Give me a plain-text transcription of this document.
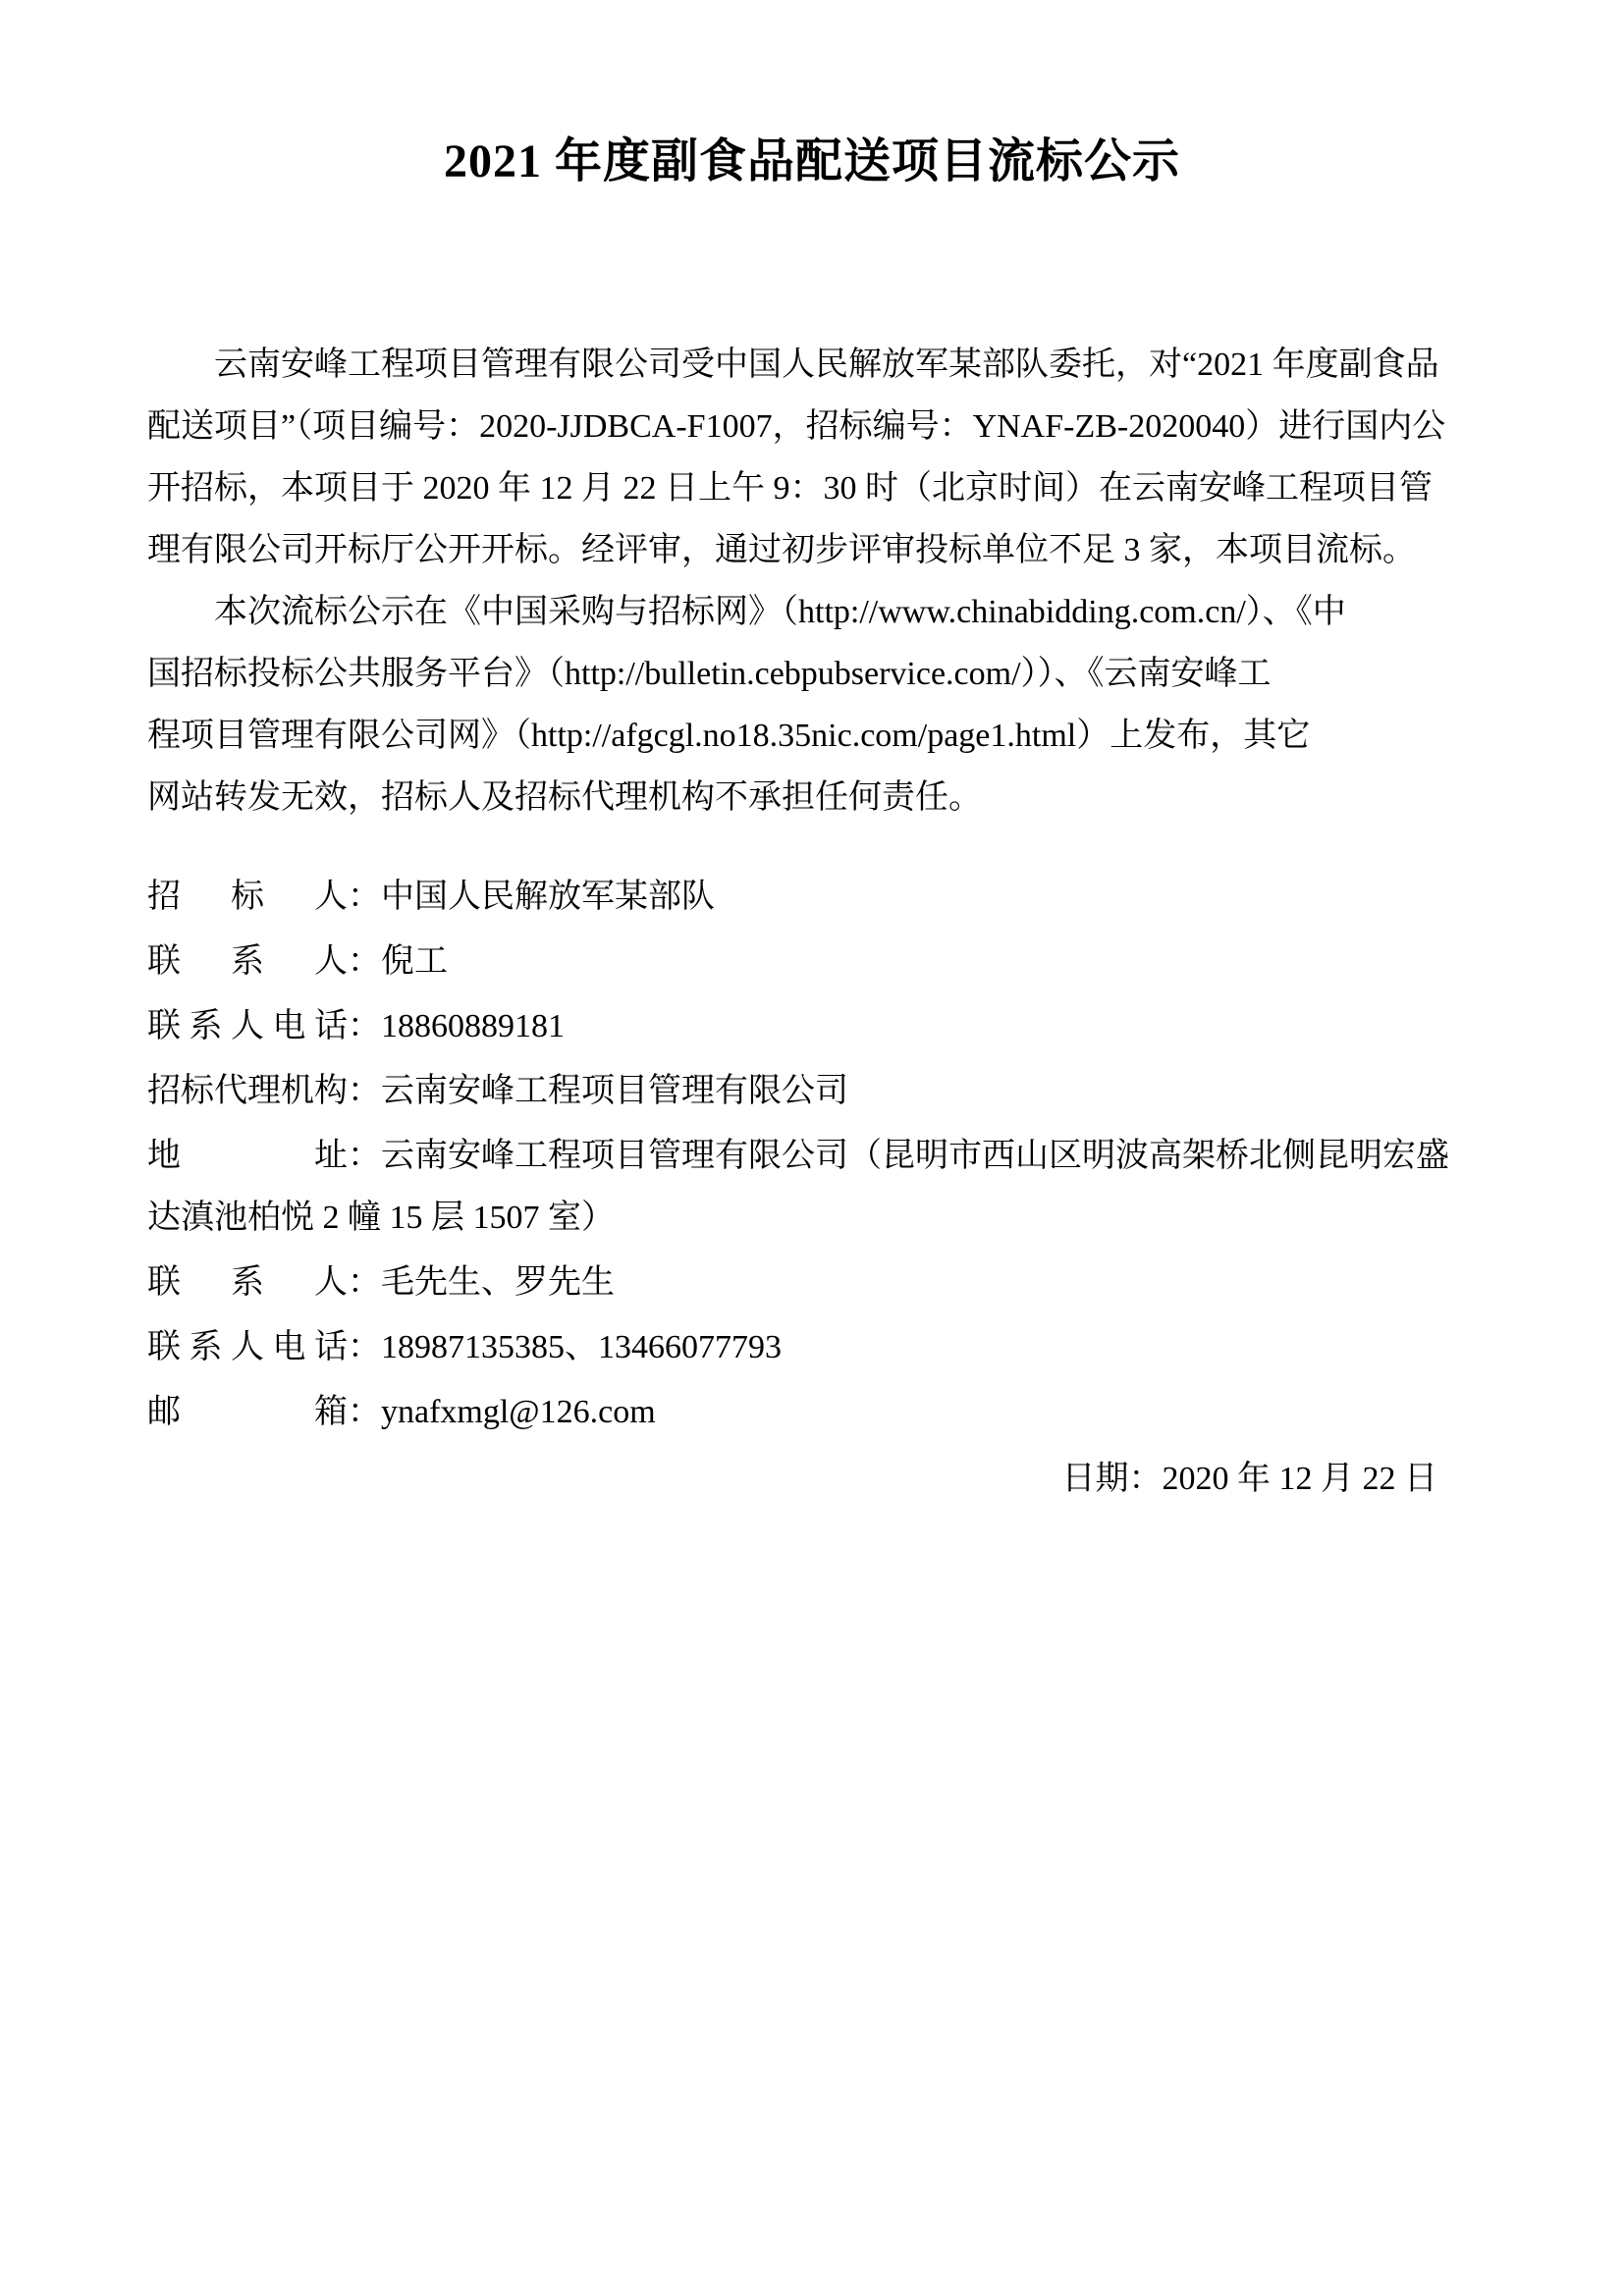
2021 年度副食品配送项目流标公示

云南安峰工程项目管理有限公司受中国人民解放军某部队委托，对“2021 年度副食品

配送项目”（项目编号：2020-JJDBCA-F1007，招标编号：YNAF-ZB-2020040）进行国内公

开招标，本项目于 2020 年 12 月 22 日上午 9：30 时（北京时间）在云南安峰工程项目管

理有限公司开标厅公开开标。经评审，通过初步评审投标单位不足 3 家，本项目流标。

本次流标公示在《中国采购与招标网》（http://www.chinabidding.com.cn/）、《中

国招标投标公共服务平台》（http://bulletin.cebpubservice.com/））、《云南安峰工

程项目管理有限公司网》（http://afgcgl.no18.35nic.com/page1.html）上发布，其它

网站转发无效，招标人及招标代理机构不承担任何责任。

招标人：中国人民解放军某部队

联系人：倪工

联系人电话：18860889181

招标代理机构：云南安峰工程项目管理有限公司

地址：云南安峰工程项目管理有限公司（昆明市西山区明波高架桥北侧昆明宏盛达滇池柏悦 2 幢 15 层 1507 室）

联系人：毛先生、罗先生

联系人电话：18987135385、13466077793

邮箱：ynafxmgl@126.com

日期：2020 年 12 月 22 日
